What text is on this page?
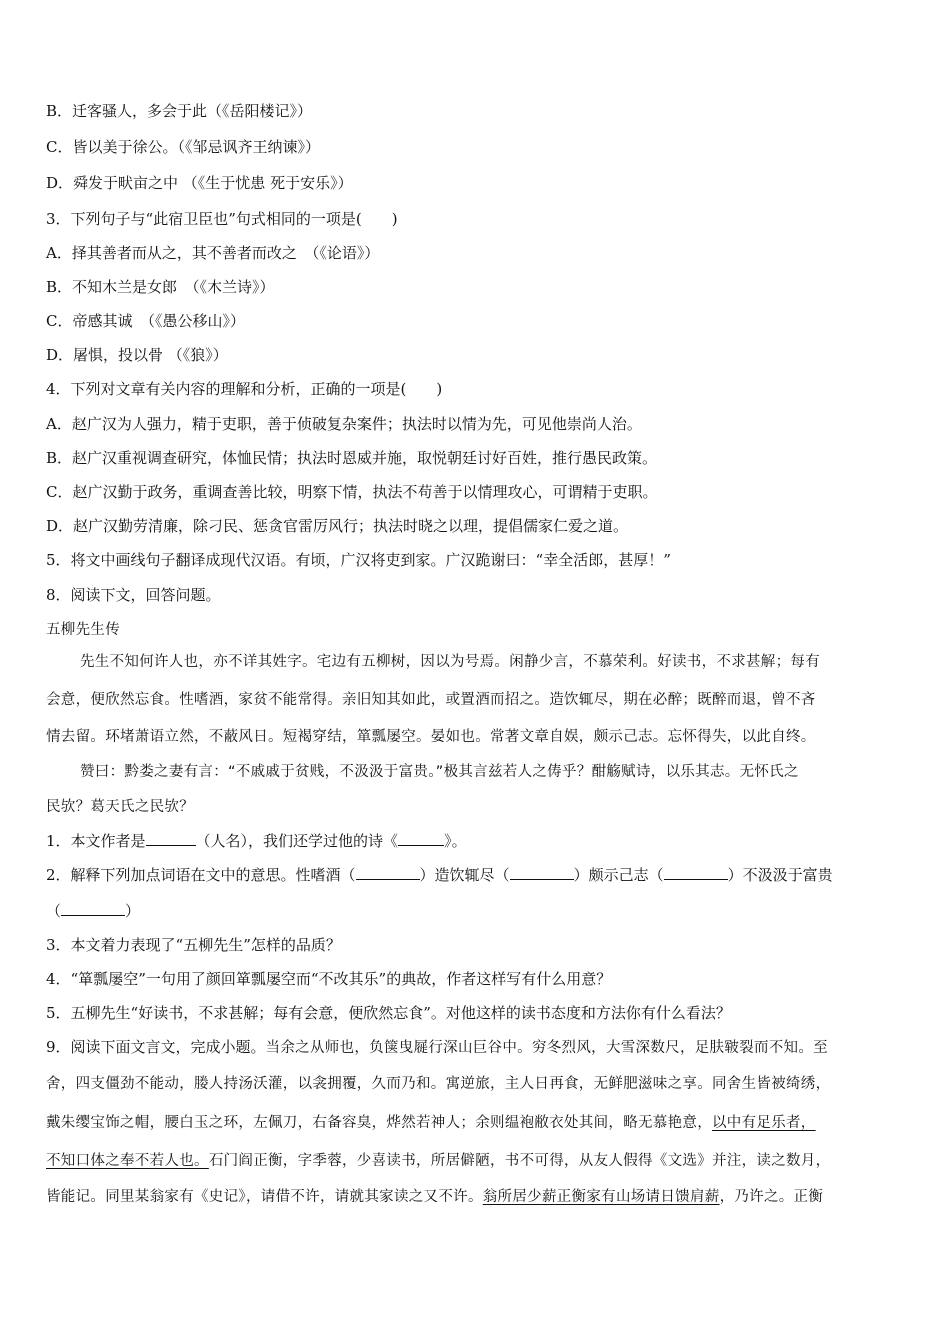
B．迁客骚人，多会于此（《岳阳楼记》）
C．皆以美于徐公。（《邹忌讽齐王纳谏》）
D．舜发于畎亩之中 （《生于忧患 死于安乐》）
3．下列句子与“此宿卫臣也”句式相同的一项是(　　)
A．择其善者而从之，其不善者而改之　（《论语》）
B．不知木兰是女郎　（《木兰诗》）
C．帝感其诚　（《愚公移山》）
D．屠惧，投以骨 （《狼》）
4．下列对文章有关内容的理解和分析，正确的一项是(　　)
A．赵广汉为人强力，精于吏职，善于侦破复杂案件；执法时以情为先，可见他崇尚人治。
B．赵广汉重视调查研究，体恤民情；执法时恩威并施，取悦朝廷讨好百姓，推行愚民政策。
C．赵广汉勤于政务，重调查善比较，明察下情，执法不苟善于以情理攻心，可谓精于吏职。
D．赵广汉勤劳清廉，除刁民、惩贪官雷厉风行；执法时晓之以理，提倡儒家仁爱之道。
5．将文中画线句子翻译成现代汉语。有顷，广汉将吏到家。广汉跪谢曰：“幸全活郎，甚厚！”
8．阅读下文，回答问题。
五柳先生传
先生不知何许人也，亦不详其姓字。宅边有五柳树，因以为号焉。闲静少言，不慕荣利。好读书，不求甚解；每有
会意，便欣然忘食。性嗜酒，家贫不能常得。亲旧知其如此，或置酒而招之。造饮辄尽，期在必醉；既醉而退，曾不吝
情去留。环堵萧语立然，不蔽风日。短褐穿结，箪瓢屡空。晏如也。常著文章自娱，颇示己志。忘怀得失，以此自终。
赞曰：黔娄之妻有言：“不戚戚于贫贱，不汲汲于富贵。”极其言兹若人之俦乎？酣觞赋诗，以乐其志。无怀氏之
民欤？葛天氏之民欤？
1．本文作者是	（人名），我们还学过他的诗《	》。
2．解释下列加点词语在文中的意思。性嗜酒（	）造饮辄尽（	）颇示己志（	）不汲汲于富贵
（	）
3．本文着力表现了“五柳先生”怎样的品质？
4．“箪瓢屡空”一句用了颜回箪瓢屡空而“不改其乐”的典故，作者这样写有什么用意？
5．五柳先生“好读书，不求甚解；每有会意，便欣然忘食”。对他这样的读书态度和方法你有什么看法？
9．阅读下面文言文，完成小题。当余之从师也，负箧曳屣行深山巨谷中。穷冬烈风，大雪深数尺，足肤皲裂而不知。至
舍，四支僵劲不能动，媵人持汤沃灌，以衾拥覆，久而乃和。寓逆旅，主人日再食，无鲜肥滋味之享。同舍生皆被绮绣，
戴朱缨宝饰之帽，腰白玉之环，左佩刀，右备容臭，烨然若神人；余则缊袍敝衣处其间，略无慕艳意，以中有足乐者，
不知口体之奉不若人也。石门阎正衡，字季蓉，少喜读书，所居僻陋，书不可得，从友人假得《文选》并注，读之数月，
皆能记。同里某翁家有《史记》，请借不许，请就其家读之又不许。翁所居少薪正衡家有山场请日馈肩薪，乃许之。正衡
